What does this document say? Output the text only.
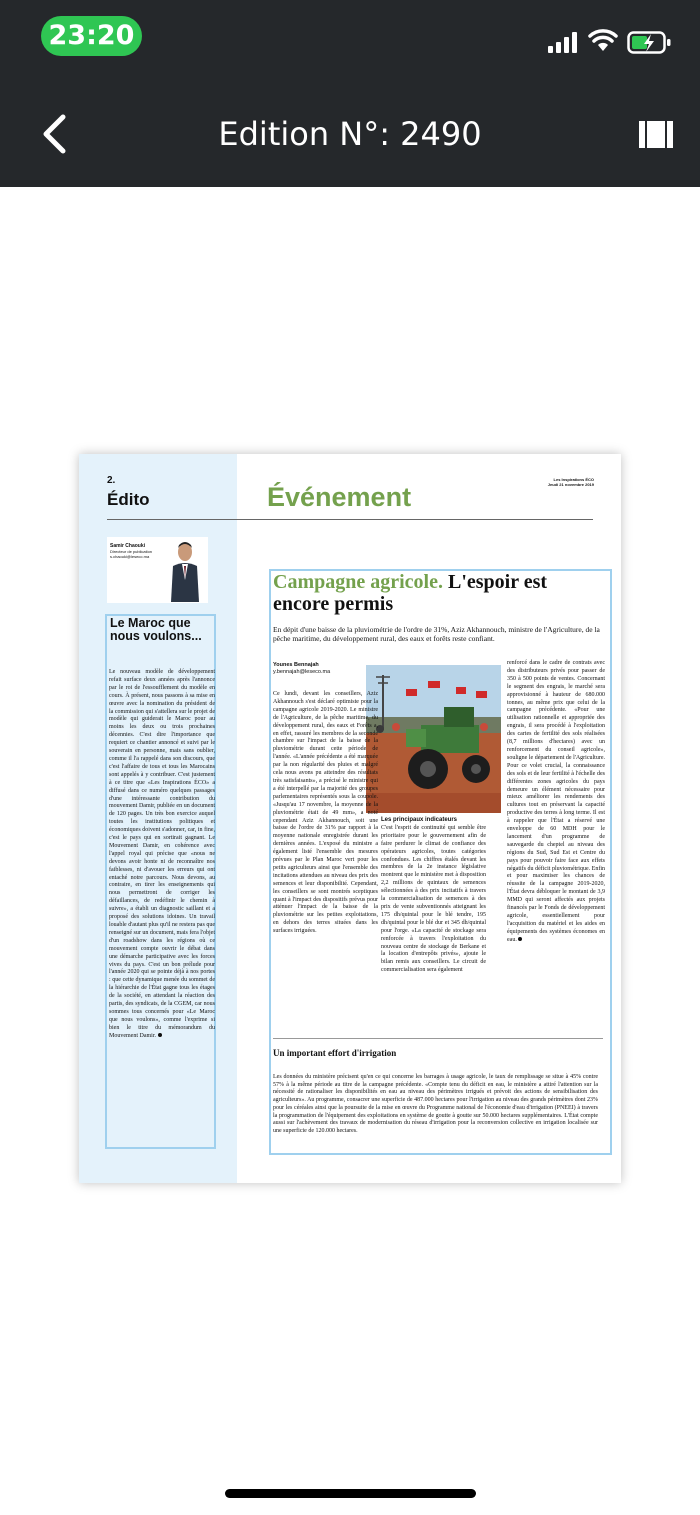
23:20
Edition N°: 2490
2.
Édito
Samir Chaouki
Directeur de publication
s.chaouki@leseco.ma
Le Maroc que nous voulons...
Le nouveau modèle de développement refait surface deux années après l'annonce par le roi de l'essoufflement du modèle en cours. À présent, nous passons à sa mise en œuvre avec la nomination du président de la commission qui s'attellera sur le projet de modèle qui guiderait le Maroc pour au moins les deux ou trois prochaines décennies. C'est dire l'importance que requiert ce chantier annoncé et suivi par le souverain en personne, mais sans oublier, comme il l'a rappelé dans son discours, que c'est l'affaire de tous et tous les Marocains sont appelés à y contribuer. C'est justement à ce titre que «Les Inspirations ÉCO» a diffusé dans ce numéro quelques passages d'une intéressante contribution du mouvement Damir, publiée en un document de 120 pages. Un très bon exercice auquel toutes les institutions politiques et économiques doivent s'adonner, car, in fine, c'est le pays qui en sortirait gagnant. Le Mouvement Damir, en cohérence avec l'appel royal qui précise que «nous ne devons avoir honte ni de reconnaître nos faiblesses, ni d'avouer les erreurs qui ont entaché notre parcours. Nous devons, au contraire, en tirer les enseignements qui nous permettront de corriger les défaillances, de redéfinir le chemin à suivre», a établi un diagnostic saillant et a proposé des solutions idoines. Un travail louable d'autant plus qu'il ne restera pas que renseigné sur un document, mais fera l'objet d'un roadshow dans les régions où ce mouvement compte ouvrir le débat dans une démarche participative avec les forces vives du pays. C'est un bon prélude pour l'année 2020 qui se pointe déjà à nos portes : que cette dynamique menée du sommet de la hiérarchie de l'État gagne tous les étages de la société, en attendant la réaction des partis, des syndicats, de la CGEM, car nous sommes tous concernés pour «Le Maroc que nous voulons», comme l'exprime si bien le titre du mémorandum du Mouvement Damir.
Événement
Les Inspirations ÉCO
Jeudi 21 novembre 2019
Campagne agricole. L'espoir est encore permis
En dépit d'une baisse de la pluviométrie de l'ordre de 31%, Aziz Akhannouch, ministre de l'Agriculture, de la pêche maritime, du développement rural, des eaux et forêts reste confiant.
Younes Bennajah
y.bennajah@leseco.ma
Ce lundi, devant les conseillers, Aziz Akhannouch s'est déclaré optimiste pour la campagne agricole 2019-2020. Le ministre de l'Agriculture, de la pêche maritime, du développement rural, des eaux et Forêts a, en effet, rassuré les membres de la seconde chambre sur l'impact de la baisse de la pluviométrie durant cette période de l'année. «L'année précédente a été marquée par la non régularité des pluies et malgré cela nous avons pu atteindre des résultats très satisfaisants», a précisé le ministre qui a été interpellé par la majorité des groupes parlementaires représentés sous la coupole. «Jusqu'au 17 novembre, la moyenne de la pluviométrie était de 49 mm», a noté cependant Aziz Akhannouch, soit une baisse de l'ordre de 31% par rapport à la moyenne nationale enregistrée durant les dernières années. L'exposé du ministre a également listé l'ensemble des mesures prévues par le Plan Maroc vert pour les petits agriculteurs ainsi que l'ensemble des incitations attendues au niveau des prix des semences et leur disponibilité. Cependant, les conseillers se sont montrés sceptiques quant à l'impact des dispositifs prévus pour atténuer l'impact de la baisse de la pluviométrie sur les petites exploitations, en dehors des terres situées dans les surfaces irriguées.
Les principaux indicateurs
C'est l'esprit de continuité qui semble être prioritaire pour le gouvernement afin de faire perdurer le climat de confiance des opérateurs agricoles, toutes catégories confondues. Les chiffres étalés devant les membres de la 2e instance législative montrent que le ministère met à disposition 2,2 millions de quintaux de semences sélectionnées à des prix incitatifs à travers la commercialisation de semences à des prix de vente subventionnés atteignant les 175 dh/quintal pour le blé tendre, 195 dh/quintal pour le blé dur et 345 dh/quintal pour l'orge. «La capacité de stockage sera renforcée à travers l'exploitation du nouveau centre de stockage de Berkane et la location d'entrepôts privés», ajoute le bilan remis aux conseillers. Le circuit de commercialisation sera également
renforcé dans le cadre de contrats avec des distributeurs privés pour passer de 350 à 500 points de ventes. Concernant le segment des engrais, le marché sera approvisionné à hauteur de 680.000 tonnes, au même prix que celui de la campagne précédente. «Pour une utilisation rationnelle et appropriée des engrais, il sera procédé à l'exploitation des cartes de fertilité des sols réalisées (8,7 millions d'hectares) avec un renforcement du conseil agricole», souligne le département de l'Agriculture. Pour ce volet crucial, la connaissance des sols et de leur fertilité à l'échelle des différentes zones agricoles du pays demeure un élément nécessaire pour mieux améliorer les rendements des cultures tout en préservant la capacité productive des terres à long terme. Il est à rappeler que l'État a réservé une enveloppe de 60 MDH pour le lancement d'un programme de sauvegarde du cheptel au niveau des régions du Sud, Sud Est et Centre du pays pour pouvoir faire face aux effets négatifs du déficit pluviométrique. Enfin et pour maximiser les chances de réussite de la campagne 2019-2020, l'État devra débloquer le montant de 3,9 MMD qui seront affectés aux projets financés par le Fonds de développement agricole, essentiellement pour l'acquisition du matériel et les aides en équipements des systèmes économes en eau.
Un important effort d'irrigation
Les données du ministère précisent qu'en ce qui concerne les barrages à usage agricole, le taux de remplissage se situe à 45% contre 57% à la même période au titre de la campagne précédente. «Compte tenu du déficit en eau, le ministère a attiré l'attention sur la nécessité de rationaliser les disponibilités en eau au niveau des périmètres irrigués et prévoit des actions de sensibilisation des agriculteurs». Au programme, consacrer une superficie de 487.000 hectares pour l'irrigation au niveau des grands périmètres dont 23% pour les céréales ainsi que la poursuite de la mise en œuvre du Programme national de l'économie d'eau d'irrigation (PNEEI) à travers la programmation de l'équipement des exploitations en système de goutte à goutte sur 50.000 hectares supplémentaires. L'État compte aussi sur l'achèvement des travaux de modernisation du réseau d'irrigation pour la reconversion collective en irrigation localisée sur une superficie de 120.000 hectares.
